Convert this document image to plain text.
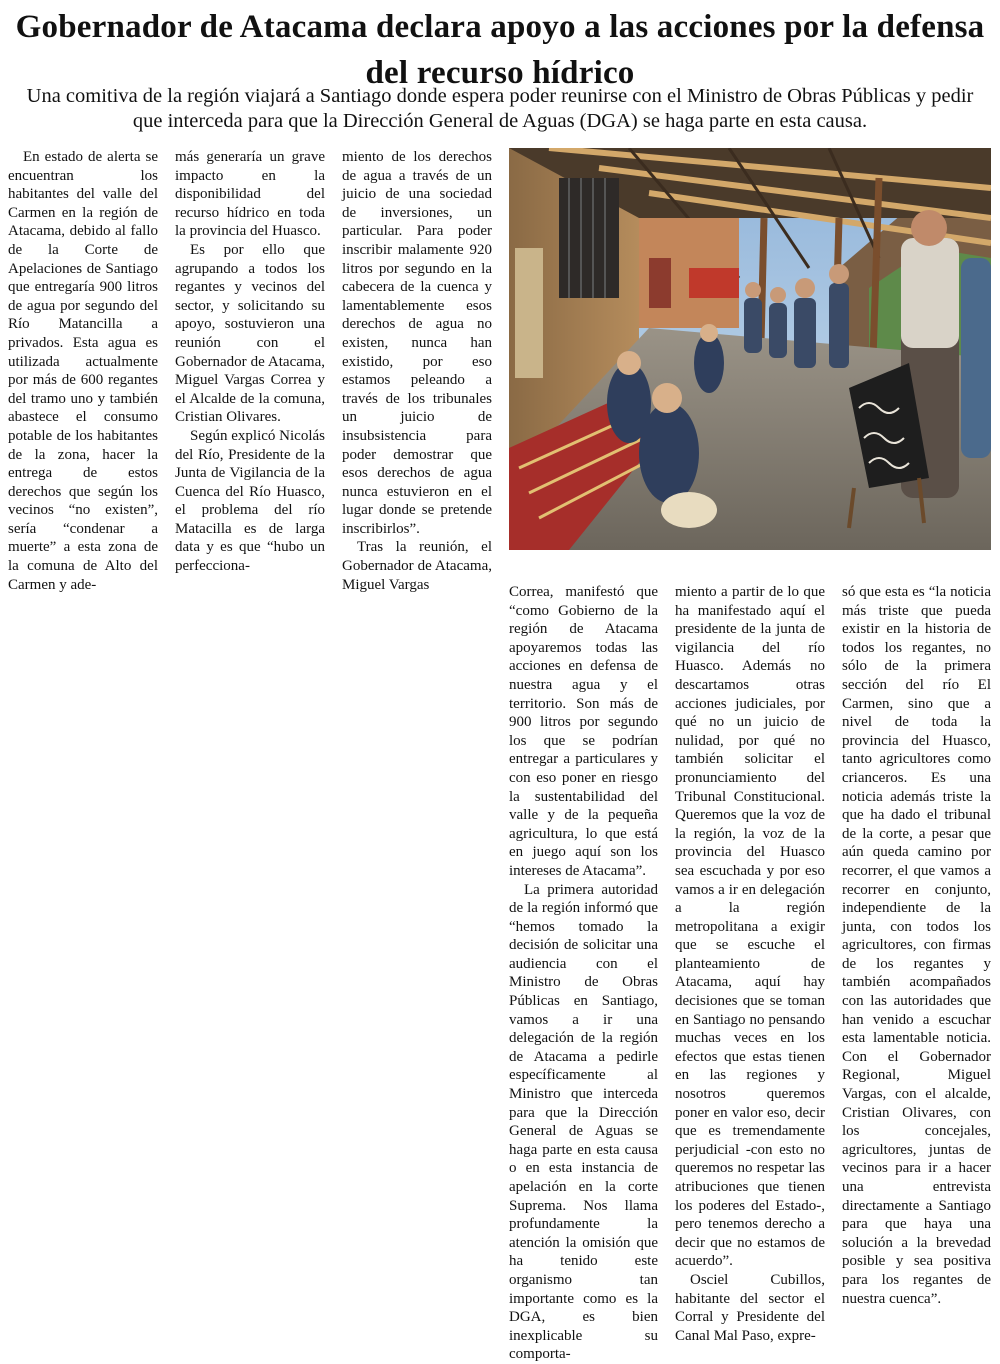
Gobernador de Atacama declara apoyo a las acciones por la defensa del recurso hídrico

Una comitiva de la región viajará a Santiago donde espera poder reunirse con el Ministro de Obras Públicas y pedir que interceda para que la Dirección General de Aguas (DGA) se haga parte en esta causa.

En estado de alerta se encuentran los habitantes del valle del Carmen en la región de Atacama, debido al fallo de la Corte de Apelaciones de Santiago que entregaría 900 litros de agua por segundo del Río Matancilla a privados. Esta agua es utilizada actualmente por más de 600 regantes del tramo uno y también abastece el consumo potable de los habitantes de la zona, hacer la entrega de estos derechos que según los vecinos “no existen”, sería “condenar a muerte” a esta zona de la comuna de Alto del Carmen y ade-

más generaría un grave impacto en la disponibilidad del recurso hídrico en toda la provincia del Huasco.

Es por ello que agrupando a todos los regantes y vecinos del sector, y solicitando su apoyo, sostuvieron una reunión con el Gobernador de Atacama, Miguel Vargas Correa y el Alcalde de la comuna, Cristian Olivares.

Según explicó Nicolás del Río, Presidente de la Junta de Vigilancia de la Cuenca del Río Huasco, el problema del río Matacilla es de larga data y es que “hubo un perfecciona-

miento de los derechos de agua a través de un juicio de una sociedad de inversiones, un particular. Para poder inscribir malamente 920 litros por segundo en la cabecera de la cuenca y lamentablemente esos derechos de agua no existen, nunca han existido, por eso estamos peleando a través de los tribunales un juicio de insubsistencia para poder demostrar que esos derechos de agua nunca estuvieron en el lugar donde se pretende inscribirlos”.

Tras la reunión, el Gobernador de Atacama, Miguel Vargas	Correa, manifestó que “como Gobierno de la región de Atacama apoyaremos todas las acciones en defensa de nuestra agua y el territorio. Son más de 900 litros por segundo los que se podrían entregar a particulares y con eso poner en riesgo la sustentabilidad del valle y de la pequeña agricultura, lo que está en juego aquí son los intereses de Atacama”.

La primera autoridad de la región informó que “hemos tomado la decisión de solicitar una audiencia con el Ministro de Obras Públicas en Santiago, vamos a ir una delegación de la región de Atacama a pedirle específicamente al Ministro que interceda para que la Dirección General de Aguas se haga parte en esta causa o en esta instancia de apelación en la corte Suprema. Nos llama profundamente la atención la omisión que ha tenido este organismo tan importante como es la DGA, es bien inexplicable su comporta-

miento a partir de lo que ha manifestado aquí el presidente de la junta de vigilancia del río Huasco. Además no descartamos otras acciones judiciales, por qué no un juicio de nulidad, por qué no también solicitar el pronunciamiento del Tribunal Constitucional. Queremos que la voz de la región, la voz de la provincia del Huasco sea escuchada y por eso vamos a ir en delegación a la región metropolitana a exigir que se escuche el planteamiento de Atacama, aquí hay decisiones que se toman en Santiago no pensando muchas veces en los efectos que estas tienen en las regiones y nosotros queremos poner en valor eso, decir que es tremendamente perjudicial -con esto no queremos no respetar las atribuciones que tienen los poderes del Estado-, pero tenemos derecho a decir que no estamos de acuerdo”.

Osciel Cubillos, habitante del sector el Corral y Presidente del Canal Mal Paso, expre-

só que esta es “la noticia más triste que pueda existir en la historia de todos los regantes, no sólo de la primera sección del río El Carmen, sino que a nivel de toda la provincia del Huasco, tanto agricultores como crianceros. Es una noticia además triste la que ha dado el tribunal de la corte, a pesar que aún queda camino por recorrer, el que vamos a recorrer en conjunto, independiente de la junta, con todos los agricultores, con firmas de los regantes y también acompañados con las autoridades que han venido a escuchar esta lamentable noticia. Con el Gobernador Regional, Miguel Vargas, con el alcalde, Cristian Olivares, con los concejales, agricultores, juntas de vecinos para ir a hacer una entrevista directamente a Santiago para que haya una solución a la brevedad posible y sea positiva para los regantes de nuestra cuenca”.
